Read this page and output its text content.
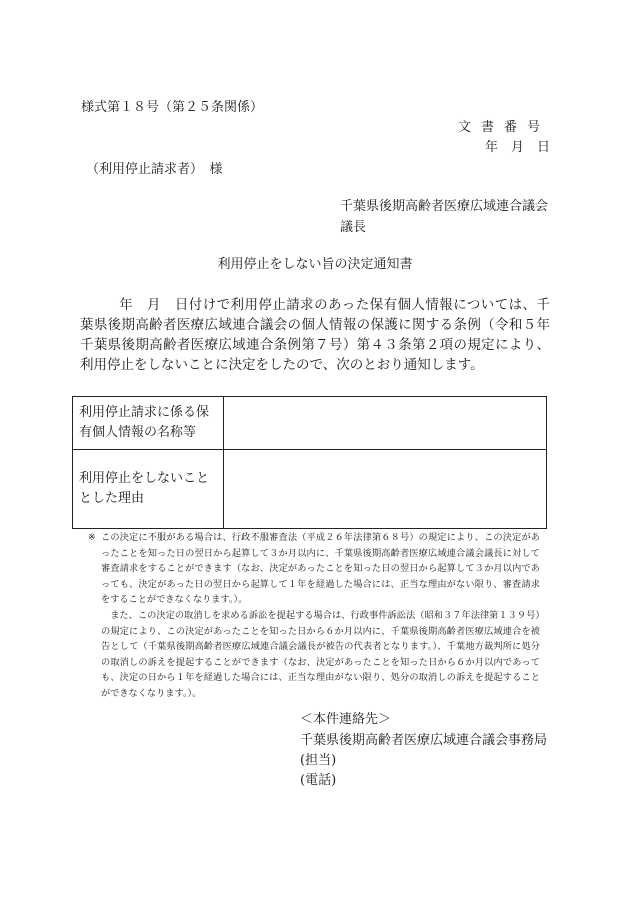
様式第１８号（第２５条関係）
文書番号
年　月　日
（利用停止請求者）　様
千葉県後期高齢者医療広域連合議会
議長
利用停止をしない旨の決定通知書
年　月　日付けで利用停止請求のあった保有個人情報については、千葉県後期高齢者医療広域連合議会の個人情報の保護に関する条例（令和５年千葉県後期高齢者医療広域連合条例第７号）第４３条第２項の規定により、利用停止をしないことに決定をしたので、次のとおり通知します。
利用停止請求に係る保有個人情報の名称等	
利用停止をしないこととした理由	
※ この決定に不服がある場合は、行政不服審査法（平成２６年法律第６８号）の規定により、この決定があったことを知った日の翌日から起算して３か月以内に、千葉県後期高齢者医療広域連合議会議長に対して審査請求をすることができます（なお、決定があったことを知った日の翌日から起算して３か月以内であっても、決定があった日の翌日から起算して１年を経過した場合には、正当な理由がない限り、審査請求をすることができなくなります。）。

また、この決定の取消しを求める訴訟を提起する場合は、行政事件訴訟法（昭和３７年法律第１３９号）の規定により、この決定があったことを知った日から６か月以内に、千葉県後期高齢者医療広域連合を被告として（千葉県後期高齢者医療広域連合議会議長が被告の代表者となります。）、千葉地方裁判所に処分の取消しの訴えを提起することができます（なお、決定があったことを知った日から６か月以内であっても、決定の日から１年を経過した場合には、正当な理由がない限り、処分の取消しの訴えを提起することができなくなります。）。

＜本件連絡先＞
千葉県後期高齢者医療広域連合議会事務局
(担当)
(電話)
